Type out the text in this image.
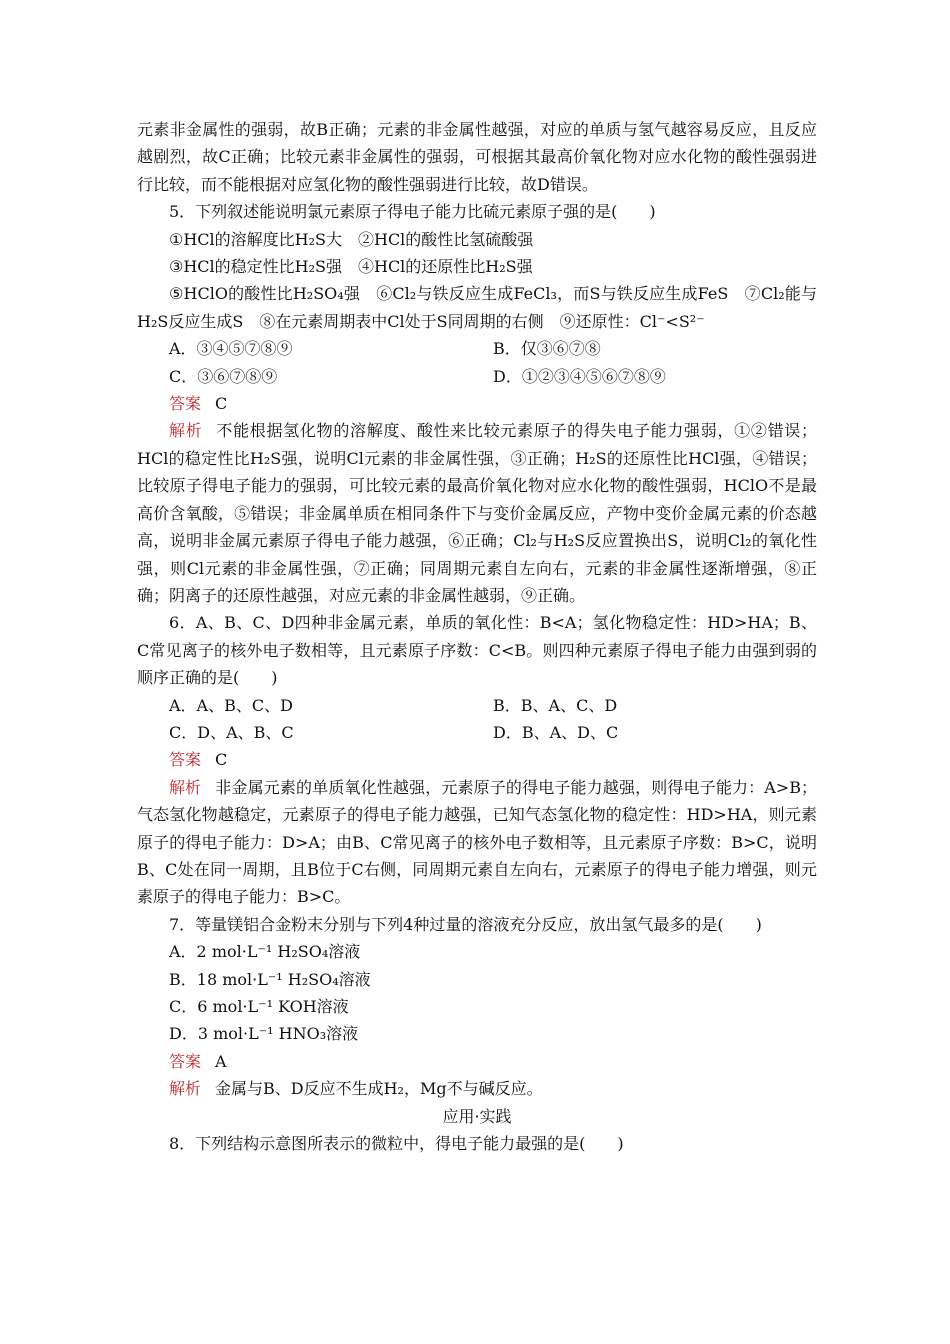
元素非金属性的强弱，故B正确；元素的非金属性越强，对应的单质与氢气越容易反应，且反应越剧烈，故C正确；比较元素非金属性的强弱，可根据其最高价氧化物对应水化物的酸性强弱进行比较，而不能根据对应氢化物的酸性强弱进行比较，故D错误。

5．下列叙述能说明氯元素原子得电子能力比硫元素原子强的是(　　)

①HCl的溶解度比H₂S大　②HCl的酸性比氢硫酸强

③HCl的稳定性比H₂S强　④HCl的还原性比H₂S强

⑤HClO的酸性比H₂SO₄强　⑥Cl₂与铁反应生成FeCl₃，而S与铁反应生成FeS　⑦Cl₂能与H₂S反应生成S　⑧在元素周期表中Cl处于S同周期的右侧　⑨还原性：Cl⁻<S²⁻

A．③④⑤⑦⑧⑨	B．仅③⑥⑦⑧
C．③⑥⑦⑧⑨	D．①②③④⑤⑥⑦⑧⑨

答案 C

解析 不能根据氢化物的溶解度、酸性来比较元素原子的得失电子能力强弱，①②错误；HCl的稳定性比H₂S强，说明Cl元素的非金属性强，③正确；H₂S的还原性比HCl强，④错误；比较原子得电子能力的强弱，可比较元素的最高价氧化物对应水化物的酸性强弱，HClO不是最高价含氧酸，⑤错误；非金属单质在相同条件下与变价金属反应，产物中变价金属元素的价态越高，说明非金属元素原子得电子能力越强，⑥正确；Cl₂与H₂S反应置换出S，说明Cl₂的氧化性强，则Cl元素的非金属性强，⑦正确；同周期元素自左向右，元素的非金属性逐渐增强，⑧正确；阴离子的还原性越强，对应元素的非金属性越弱，⑨正确。

6．A、B、C、D四种非金属元素，单质的氧化性：B<A；氢化物稳定性：HD>HA；B、C常见离子的核外电子数相等，且元素原子序数：C<B。则四种元素原子得电子能力由强到弱的顺序正确的是(　　)

A．A、B、C、D	B．B、A、C、D
C．D、A、B、C	D．B、A、D、C

答案 C

解析 非金属元素的单质氧化性越强，元素原子的得电子能力越强，则得电子能力：A>B；气态氢化物越稳定，元素原子的得电子能力越强，已知气态氢化物的稳定性：HD>HA，则元素原子的得电子能力：D>A；由B、C常见离子的核外电子数相等，且元素原子序数：B>C，说明B、C处在同一周期，且B位于C右侧，同周期元素自左向右，元素原子的得电子能力增强，则元素原子的得电子能力：B>C。

7．等量镁铝合金粉末分别与下列4种过量的溶液充分反应，放出氢气最多的是(　　)

A．2 mol·L⁻¹ H₂SO₄溶液

B．18 mol·L⁻¹ H₂SO₄溶液

C．6 mol·L⁻¹ KOH溶液

D．3 mol·L⁻¹ HNO₃溶液

答案 A

解析 金属与B、D反应不生成H₂，Mg不与碱反应。

应用·实践

8．下列结构示意图所表示的微粒中，得电子能力最强的是(　　)
